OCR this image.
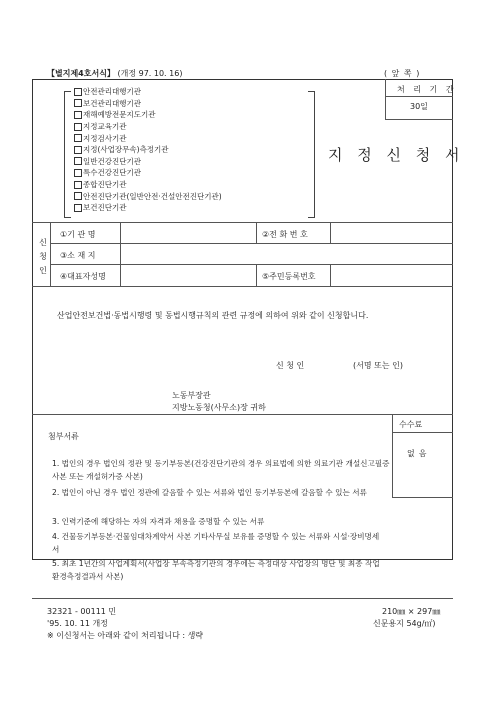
【별지제4호서식】 (개정 97. 10. 16)	( 앞 쪽 )
처 리 기 간
30일
안전관리대행기관
보건관리대행기관
재해예방전문지도기관
지정교육기관
지정검사기관
지정(사업장무속)측정기관
일반건강진단기관
특수건강진단기관
종합진단기관
안전진단기관(일반안전·건설안전진단기관)
보건진단기관
지 정 신 청 서
신 청 인
①기 관 명	②전 화 번 호
③소 재 지
④대표자성명	⑤주민등록번호
산업안전보건법·동법시행령 및 동법시행규칙의 관련 규정에 의하여 위와 같이 신청합니다.
신 청 인	(서명 또는 인)
노동부장관
지방노동청(사무소)장 귀하
수수료
없음
첨부서류
1. 법인의 경우 법인의 정관 및 등기부등본(건강진단기관의 경우 의료법에 의한 의료기관 개설신고필증 사본 또는 개설허가증 사본)
2. 법인이 아닌 경우 법인 정관에 갈음할 수 있는 서류와 법인 등기부등본에 갈음할 수 있는 서류
3. 인력기준에 해당하는 자의 자격과 채용을 증명할 수 있는 서류
4. 건물등기부등본·건물임대차계약서 사본 기타사무실 보유를 증명할 수 있는 서류와 시설·장비명세서
5. 최초 1년간의 사업계획서(사업장 부속측정기관의 경우에는 측정대상 사업장의 명단 및 최종 작업환경측정결과서 사본)
32321 - 00111 민
'95. 10. 11 개정
210㎜ × 297㎜
신문용지 54g/㎡)
※ 이신청서는 아래와 같이 처리됩니다 : 생략
